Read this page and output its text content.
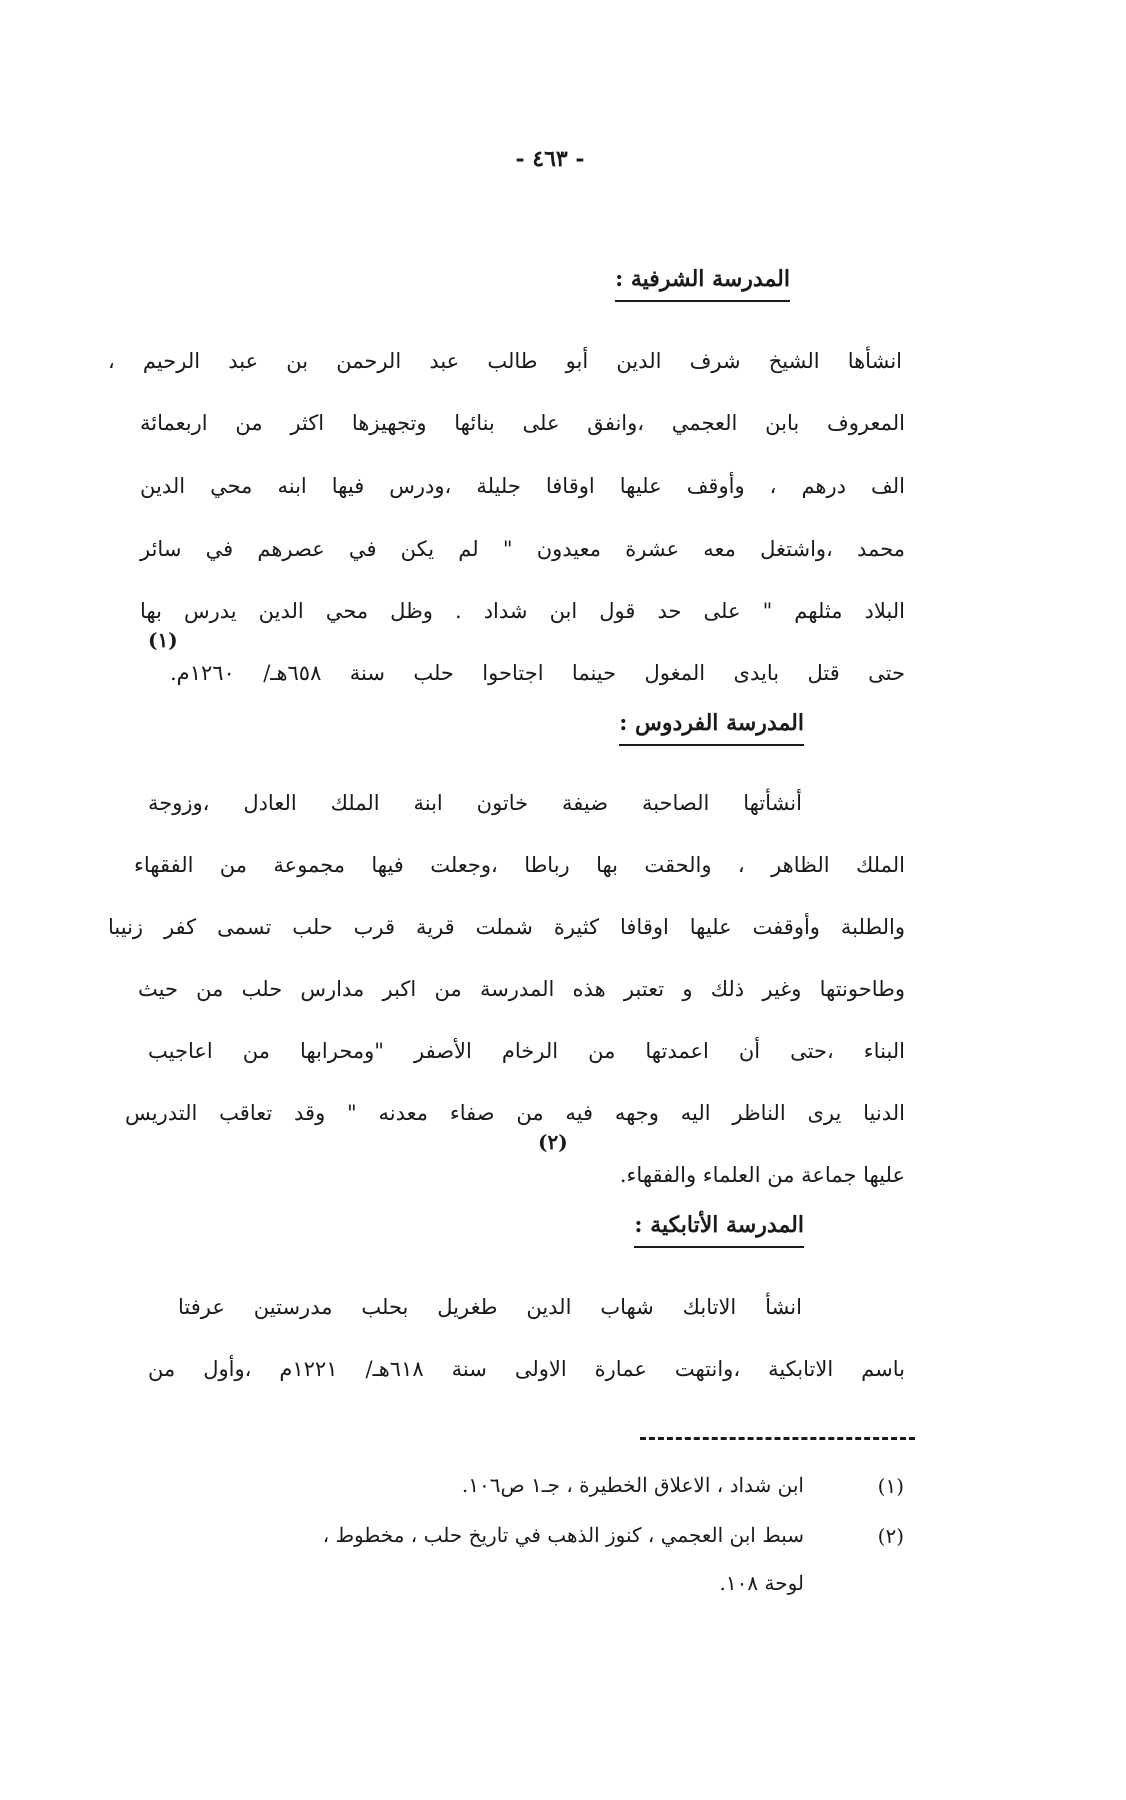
- ٤٦٣ -
المدرسة الشرفية :
انشأها الشيخ شرف الدين أبو طالب عبد الرحمن بن عبد الرحيم ،
المعروف بابن العجمي ،وانفق على بنائها وتجهيزها اكثر من اربعمائة
الف درهم ، وأوقف عليها اوقافا جليلة ،ودرس فيها ابنه محي الدين
محمد ،واشتغل معه عشرة معيدون " لم يكن في عصرهم في سائر
البلاد مثلهم " على حد قول ابن شداد . وظل محي الدين يدرس بها
(١)
حتى قتل بايدى المغول حينما اجتاحوا حلب سنة ٦٥٨هـ/ ١٢٦٠م.
المدرسة الفردوس :
أنشأتها الصاحبة ضيفة خاتون ابنة الملك العادل ،وزوجة
الملك الظاهر ، والحقت بها رباطا ،وجعلت فيها مجموعة من الفقهاء
والطلبة وأوقفت عليها اوقافا كثيرة شملت قرية قرب حلب تسمى كفر زنيبا
وطاحونتها وغير ذلك و تعتبر هذه المدرسة من اكبر مدارس حلب من حيث
البناء ،حتى أن اعمدتها من الرخام الأصفر "ومحرابها من اعاجيب
الدنيا يرى الناظر اليه وجهه فيه من صفاء معدنه " وقد تعاقب التدريس
(٢)
عليها جماعة من العلماء والفقهاء.
المدرسة الأتابكية :
انشأ الاتابك شهاب الدين طغريل بحلب مدرستين عرفتا
باسم الاتابكية ،وانتهت عمارة الاولى سنة ٦١٨هـ/ ١٢٢١م ،وأول من
(١)
ابن شداد ، الاعلاق الخطيرة ، جـ١ ص١٠٦.
(٢)
سبط ابن العجمي ، كنوز الذهب في تاريخ حلب ، مخطوط ،
لوحة ١٠٨.
